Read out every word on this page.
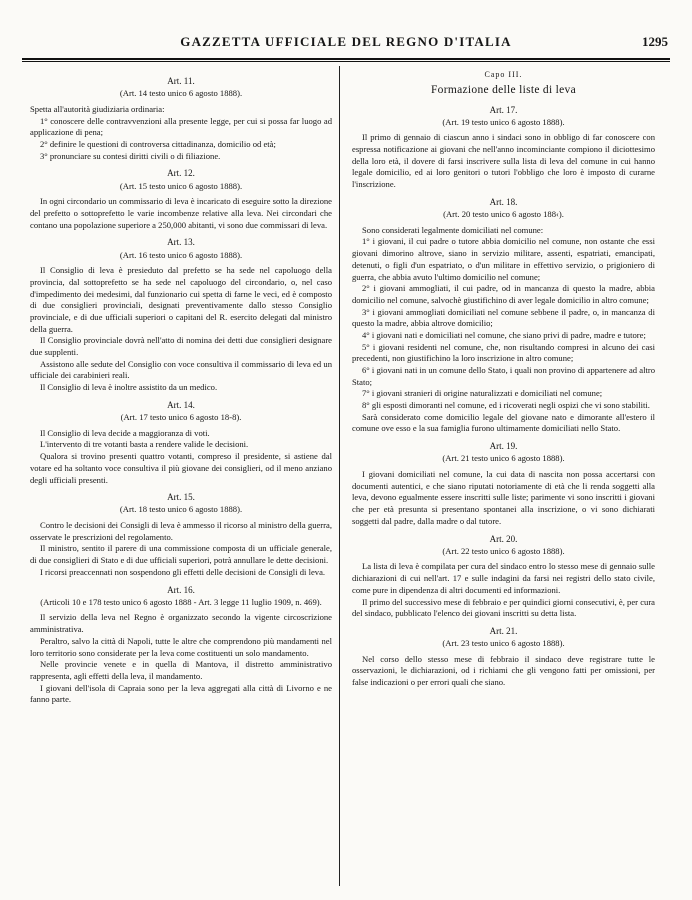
GAZZETTA UFFICIALE DEL REGNO D'ITALIA	1295
Art. 11.
(Art. 14 testo unico 6 agosto 1888).
Spetta all'autorità giudiziaria ordinaria:
1° conoscere delle contravvenzioni alla presente legge, per cui si possa far luogo ad applicazione di pena;
2° definire le questioni di controversa cittadinanza, domicilio od età;
3° pronunciare su contesi diritti civili o di filiazione.
Art. 12.
(Art. 15 testo unico 6 agosto 1888).
In ogni circondario un commissario di leva è incaricato di eseguire sotto la direzione del prefetto o sottoprefetto le varie incombenze relative alla leva. Nei circondari che contano una popolazione superiore a 250,000 abitanti, vi sono due commissari di leva.
Art. 13.
(Art. 16 testo unico 6 agosto 1888).
Il Consiglio di leva è presieduto dal prefetto se ha sede nel capoluogo della provincia, dal sottoprefetto se ha sede nel capoluogo del circondario, o, nel caso d'impedimento dei medesimi, dal funzionario cui spetta di farne le veci, ed è composto di due consiglieri provinciali, designati preventivamente dallo stesso Consiglio provinciale, e di due ufficiali superiori o capitani del R. esercito delegati dal ministro della guerra.
Il Consiglio provinciale dovrà nell'atto di nomina dei detti due consiglieri designare due supplenti.
Assistono alle sedute del Consiglio con voce consultiva il commissario di leva ed un ufficiale dei carabinieri reali.
Il Consiglio di leva è inoltre assistito da un medico.
Art. 14.
(Art. 17 testo unico 6 agosto 18-8).
Il Consiglio di leva decide a maggioranza di voti.
L'intervento di tre votanti basta a rendere valide le decisioni.
Qualora si trovino presenti quattro votanti, compreso il presidente, si astiene dal votare ed ha soltanto voce consultiva il più giovane dei consiglieri, od il meno anziano degli ufficiali presenti.
Art. 15.
(Art. 18 testo unico 6 agosto 1888).
Contro le decisioni dei Consigli di leva è ammesso il ricorso al ministro della guerra, osservate le prescrizioni del regolamento.
Il ministro, sentito il parere di una commissione composta di un ufficiale generale, di due consiglieri di Stato e di due ufficiali superiori, potrà annullare le dette decisioni.
I ricorsi preaccennati non sospendono gli effetti delle decisioni de Consigli di leva.
Art. 16.
(Articoli 10 e 178 testo unico 6 agosto 1888 - Art. 3 legge 11 luglio 1909, n. 469).
Il servizio della leva nel Regno è organizzato secondo la vigente circoscrizione amministrativa.
Peraltro, salvo la città di Napoli, tutte le altre che comprendono più mandamenti nel loro territorio sono considerate per la leva come costituenti un solo mandamento.
Nelle provincie venete e in quella di Mantova, il distretto amministrativo rappresenta, agli effetti della leva, il mandamento.
I giovani dell'isola di Capraia sono per la leva aggregati alla città di Livorno e ne fanno parte.
Capo III.
Formazione delle liste di leva
Art. 17.
(Art. 19 testo unico 6 agosto 1888).
Il primo di gennaio di ciascun anno i sindaci sono in obbligo di far conoscere con espressa notificazione ai giovani che nell'anno incominciante compiono il diciottesimo della loro età, il dovere di farsi inscrivere sulla lista di leva del comune in cui hanno legale domicilio, ed ai loro genitori o tutori l'obbligo che loro è imposto di curarne l'inscrizione.
Art. 18.
(Art. 20 testo unico 6 agosto 188‹).
Sono considerati legalmente domiciliati nel comune:
1° i giovani, il cui padre o tutore abbia domicilio nel comune, non ostante che essi giovani dimorino altrove, siano in servizio militare, assenti, espatriati, emancipati, detenuti, o figli d'un espatriato, o d'un militare in effettivo servizio, o prigioniero di guerra, che abbia avuto l'ultimo domicilio nel comune;
2° i giovani ammogliati, il cui padre, od in mancanza di questo la madre, abbia domicilio nel comune, salvochè giustifichino di aver legale domicilio in altro comune;
3° i giovani ammogliati domiciliati nel comune sebbene il padre, o, in mancanza di questo la madre, abbia altrove domicilio;
4° i giovani nati e domiciliati nel comune, che siano privi di padre, madre e tutore;
5° i giovani residenti nel comune, che, non risultando compresi in alcuno dei casi precedenti, non giustifichino la loro inscrizione in altro comune;
6° i giovani nati in un comune dello Stato, i quali non provino di appartenere ad altro Stato;
7° i giovani stranieri di origine naturalizzati e domiciliati nel comune;
8° gli esposti dimoranti nel comune, ed i ricoverati negli ospizi che vi sono stabiliti.
Sarà considerato come domicilio legale del giovane nato e dimorante all'estero il comune ove esso e la sua famiglia furono ultimamente domiciliati nello Stato.
Art. 19.
(Art. 21 testo unico 6 agosto 1888).
I giovani domiciliati nel comune, la cui data di nascita non possa accertarsi con documenti autentici, e che siano riputati notoriamente di età che li renda soggetti alla leva, devono egualmente essere inscritti sulle liste; parimente vi sono inscritti i giovani che per età presunta si presentano spontanei alla inscrizione, o vi sono dichiarati soggetti dal padre, dalla madre o dal tutore.
Art. 20.
(Art. 22 testo unico 6 agosto 1888).
La lista di leva è compilata per cura del sindaco entro lo stesso mese di gennaio sulle dichiarazioni di cui nell'art. 17 e sulle indagini da farsi nei registri dello stato civile, come pure in dipendenza di altri documenti ed informazioni.
Il primo del successivo mese di febbraio e per quindici giorni consecutivi, è, per cura del sindaco, pubblicato l'elenco dei giovani inscritti su detta lista.
Art. 21.
(Art. 23 testo unico 6 agosto 1888).
Nel corso dello stesso mese di febbraio il sindaco deve registrare tutte le osservazioni, le dichiarazioni, od i richiami che gli vengono fatti per omissioni, per false indicazioni o per errori quali che siano.
